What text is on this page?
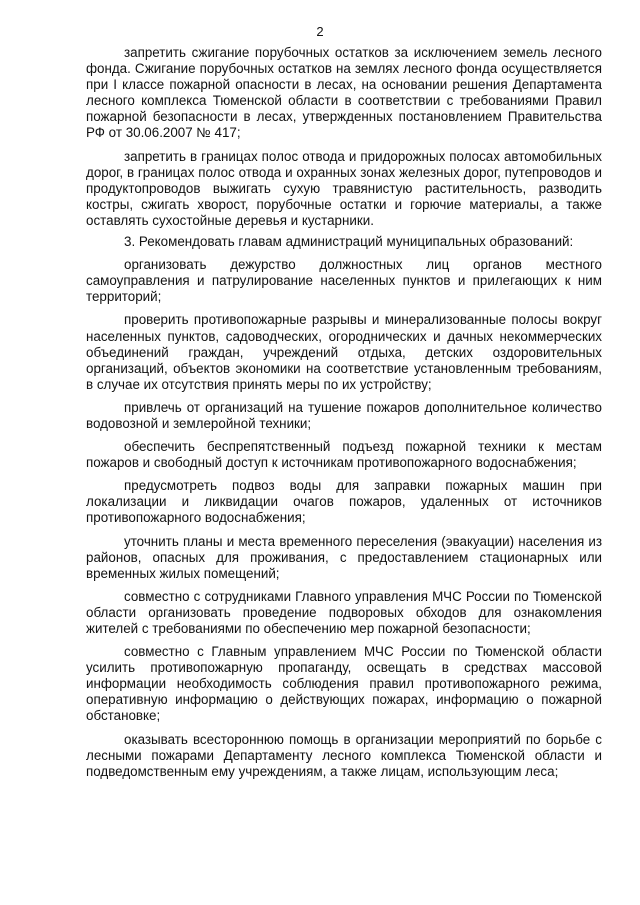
2

запретить сжигание порубочных остатков за исключением земель лесного фонда. Сжигание порубочных остатков на землях лесного фонда осуществляется при I классе пожарной опасности в лесах, на основании решения Департамента лесного комплекса Тюменской области в соответствии с требованиями Правил пожарной безопасности в лесах, утвержденных постановлением Правительства РФ от 30.06.2007 № 417;

запретить в границах полос отвода и придорожных полосах автомобильных дорог, в границах полос отвода и охранных зонах железных дорог, путепроводов и продуктопроводов выжигать сухую травянистую растительность, разводить костры, сжигать хворост, порубочные остатки и горючие материалы, а также оставлять сухостойные деревья и кустарники.

3. Рекомендовать главам администраций муниципальных образований:

организовать дежурство должностных лиц органов местного самоуправления и патрулирование населенных пунктов и прилегающих к ним территорий;

проверить противопожарные разрывы и минерализованные полосы вокруг населенных пунктов, садоводческих, огороднических и дачных некоммерческих объединений граждан, учреждений отдыха, детских оздоровительных организаций, объектов экономики на соответствие установленным требованиям, в случае их отсутствия принять меры по их устройству;

привлечь от организаций на тушение пожаров дополнительное количество водовозной и землеройной техники;

обеспечить беспрепятственный подъезд пожарной техники к местам пожаров и свободный доступ к источникам противопожарного водоснабжения;

предусмотреть подвоз воды для заправки пожарных машин при локализации и ликвидации очагов пожаров, удаленных от источников противопожарного водоснабжения;

уточнить планы и места временного переселения (эвакуации) населения из районов, опасных для проживания, с предоставлением стационарных или временных жилых помещений;

совместно с сотрудниками Главного управления МЧС России по Тюменской области организовать проведение подворовых обходов для ознакомления жителей с требованиями по обеспечению мер пожарной безопасности;

совместно с Главным управлением МЧС России по Тюменской области усилить противопожарную пропаганду, освещать в средствах массовой информации необходимость соблюдения правил противопожарного режима, оперативную информацию о действующих пожарах, информацию о пожарной обстановке;

оказывать всестороннюю помощь в организации мероприятий по борьбе с лесными пожарами Департаменту лесного комплекса Тюменской области и подведомственным ему учреждениям, а также лицам, использующим леса;
